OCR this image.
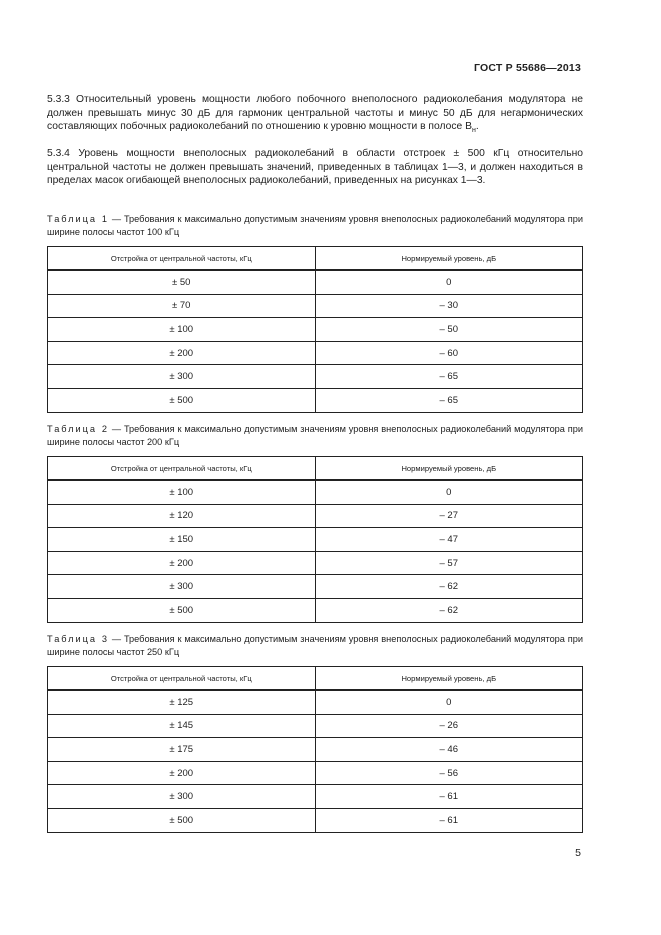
ГОСТ Р 55686—2013

5.3.3 Относительный уровень мощности любого побочного внеполосного радиоколебания модулятора не должен превышать минус 30 дБ для гармоник центральной частоты и минус 50 дБ для негармонических составляющих побочных радиоколебаний по отношению к уровню мощности в полосе $В_н$.

5.3.4 Уровень мощности внеполосных радиоколебаний в области отстроек ± 500 кГц относительно центральной частоты не должен превышать значений, приведенных в таблицах 1—3, и должен находиться в пределах масок огибающей внеполосных радиоколебаний, приведенных на рисунках 1—3.

Таблица 1 — Требования к максимально допустимым значениям уровня внеполосных радиоколебаний модулятора при ширине полосы частот 100 кГц

Отстройка от центральной частоты, кГц	Нормируемый уровень, дБ
± 50	0
± 70	– 30
± 100	– 50
± 200	– 60
± 300	– 65
± 500	– 65

Таблица 2 — Требования к максимально допустимым значениям уровня внеполосных радиоколебаний модулятора при ширине полосы частот 200 кГц

Отстройка от центральной частоты, кГц	Нормируемый уровень, дБ
± 100	0
± 120	– 27
± 150	– 47
± 200	– 57
± 300	– 62
± 500	– 62

Таблица 3 — Требования к максимально допустимым значениям уровня внеполосных радиоколебаний модулятора при ширине полосы частот 250 кГц

Отстройка от центральной частоты, кГц	Нормируемый уровень, дБ
± 125	0
± 145	– 26
± 175	– 46
± 200	– 56
± 300	– 61
± 500	– 61
5
